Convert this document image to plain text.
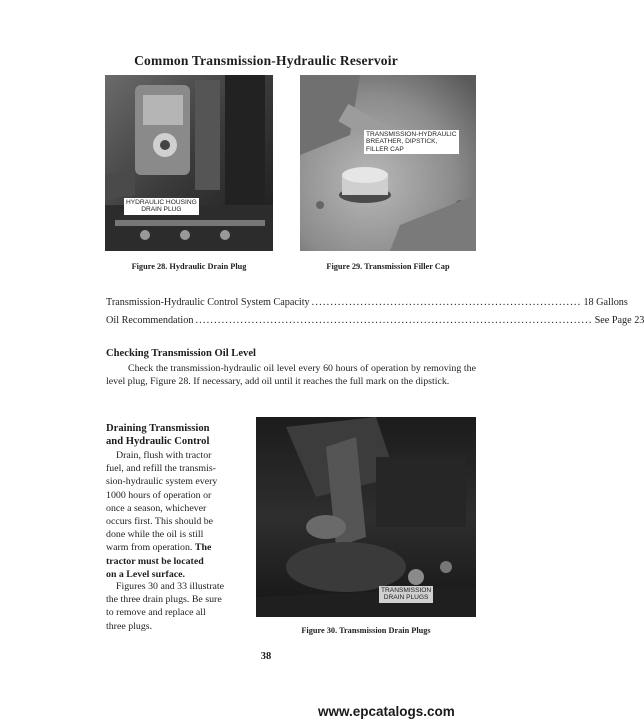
Common Transmission-Hydraulic Reservoir
HYDRAULIC HOUSING
DRAIN PLUG
Figure 28. Hydraulic Drain Plug
TRANSMISSION-HYDRAULIC
BREATHER, DIPSTICK,
FILLER CAP
Figure 29. Transmission Filler Cap
Transmission-Hydraulic Control System Capacity ........................................................................ 18 Gallons
Oil Recommendation .......................................................................................................... See Page 23
Checking Transmission Oil Level
Check the transmission-hydraulic oil level every 60 hours of operation by removing the level plug, Figure 28. If necessary, add oil until it reaches the full mark on the dipstick.
Draining Transmission
and Hydraulic Control
Drain, flush with tractor
fuel, and refill the transmis-
sion-hydraulic system every
1000 hours of operation or
once a season, whichever
occurs first. This should be
done while the oil is still
warm from operation. The
tractor must be located
on a Level surface.
Figures 30 and 33 illustrate
the three drain plugs. Be sure
to remove and replace all
three plugs.
TRANSMISSION
DRAIN PLUGS
Figure 30. Transmission Drain Plugs
38
www.epcatalogs.com
